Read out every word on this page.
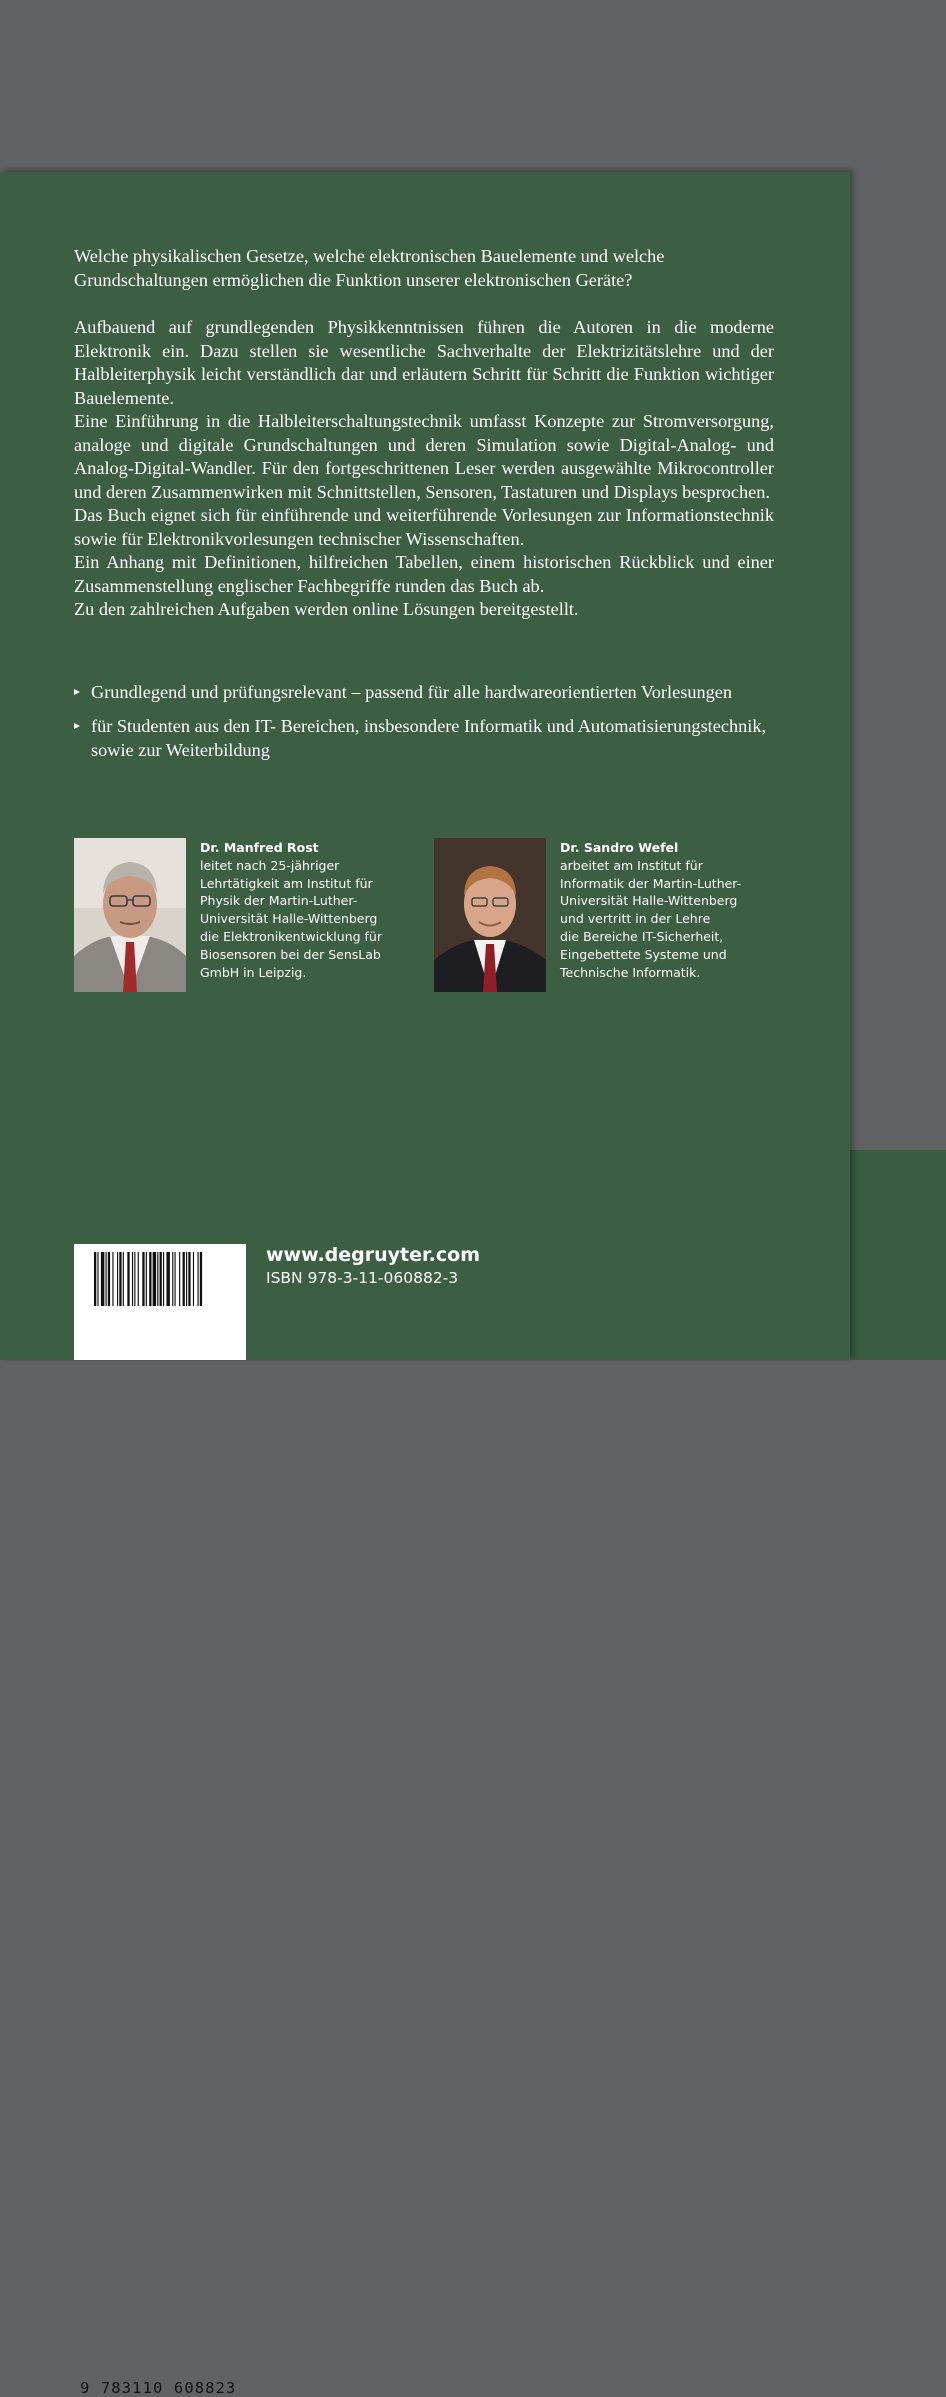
Welche physikalischen Gesetze, welche elektronischen Bauelemente und welche
Grundschaltungen ermöglichen die Funktion unserer elektronischen Geräte?

Aufbauend auf grundlegenden Physikkenntnissen führen die Autoren in die moderne Elektronik ein. Dazu stellen sie wesentliche Sachverhalte der Elektrizitätslehre und der Halbleiterphysik leicht verständlich dar und erläutern Schritt für Schritt die Funktion wichtiger Bauelemente.

Eine Einführung in die Halbleiterschaltungstechnik umfasst Konzepte zur Stromversorgung, analoge und digitale Grundschaltungen und deren Simulation sowie Digital-Analog- und Analog-Digital-Wandler. Für den fortgeschrittenen Leser werden ausgewählte Mikrocontroller und deren Zusammenwirken mit Schnittstellen, Sensoren, Tastaturen und Displays besprochen.

Das Buch eignet sich für einführende und weiterführende Vorlesungen zur Informationstechnik sowie für Elektronikvorlesungen technischer Wissenschaften.

Ein Anhang mit Definitionen, hilfreichen Tabellen, einem historischen Rückblick und einer Zusammenstellung englischer Fachbegriffe runden das Buch ab.

Zu den zahlreichen Aufgaben werden online Lösungen bereitgestellt.

Grundlegend und prüfungsrelevant – passend für alle hardwareorientierten Vorlesungen
für Studenten aus den IT- Bereichen, insbesondere Informatik und Automatisierungstechnik, sowie zur Weiterbildung
Dr. Manfred Rost
leitet nach 25-jähriger
Lehrtätigkeit am Institut für
Physik der Martin-Luther-
Universität Halle-Wittenberg
die Elektronikentwicklung für
Biosensoren bei der SensLab
GmbH in Leipzig.
Dr. Sandro Wefel
arbeitet am Institut für
Informatik der Martin-Luther-
Universität Halle-Wittenberg
und vertritt in der Lehre
die Bereiche IT-Sicherheit,
Eingebettete Systeme und
Technische Informatik.
9 783110 608823
www.degruyter.com
ISBN 978-3-11-060882-3
